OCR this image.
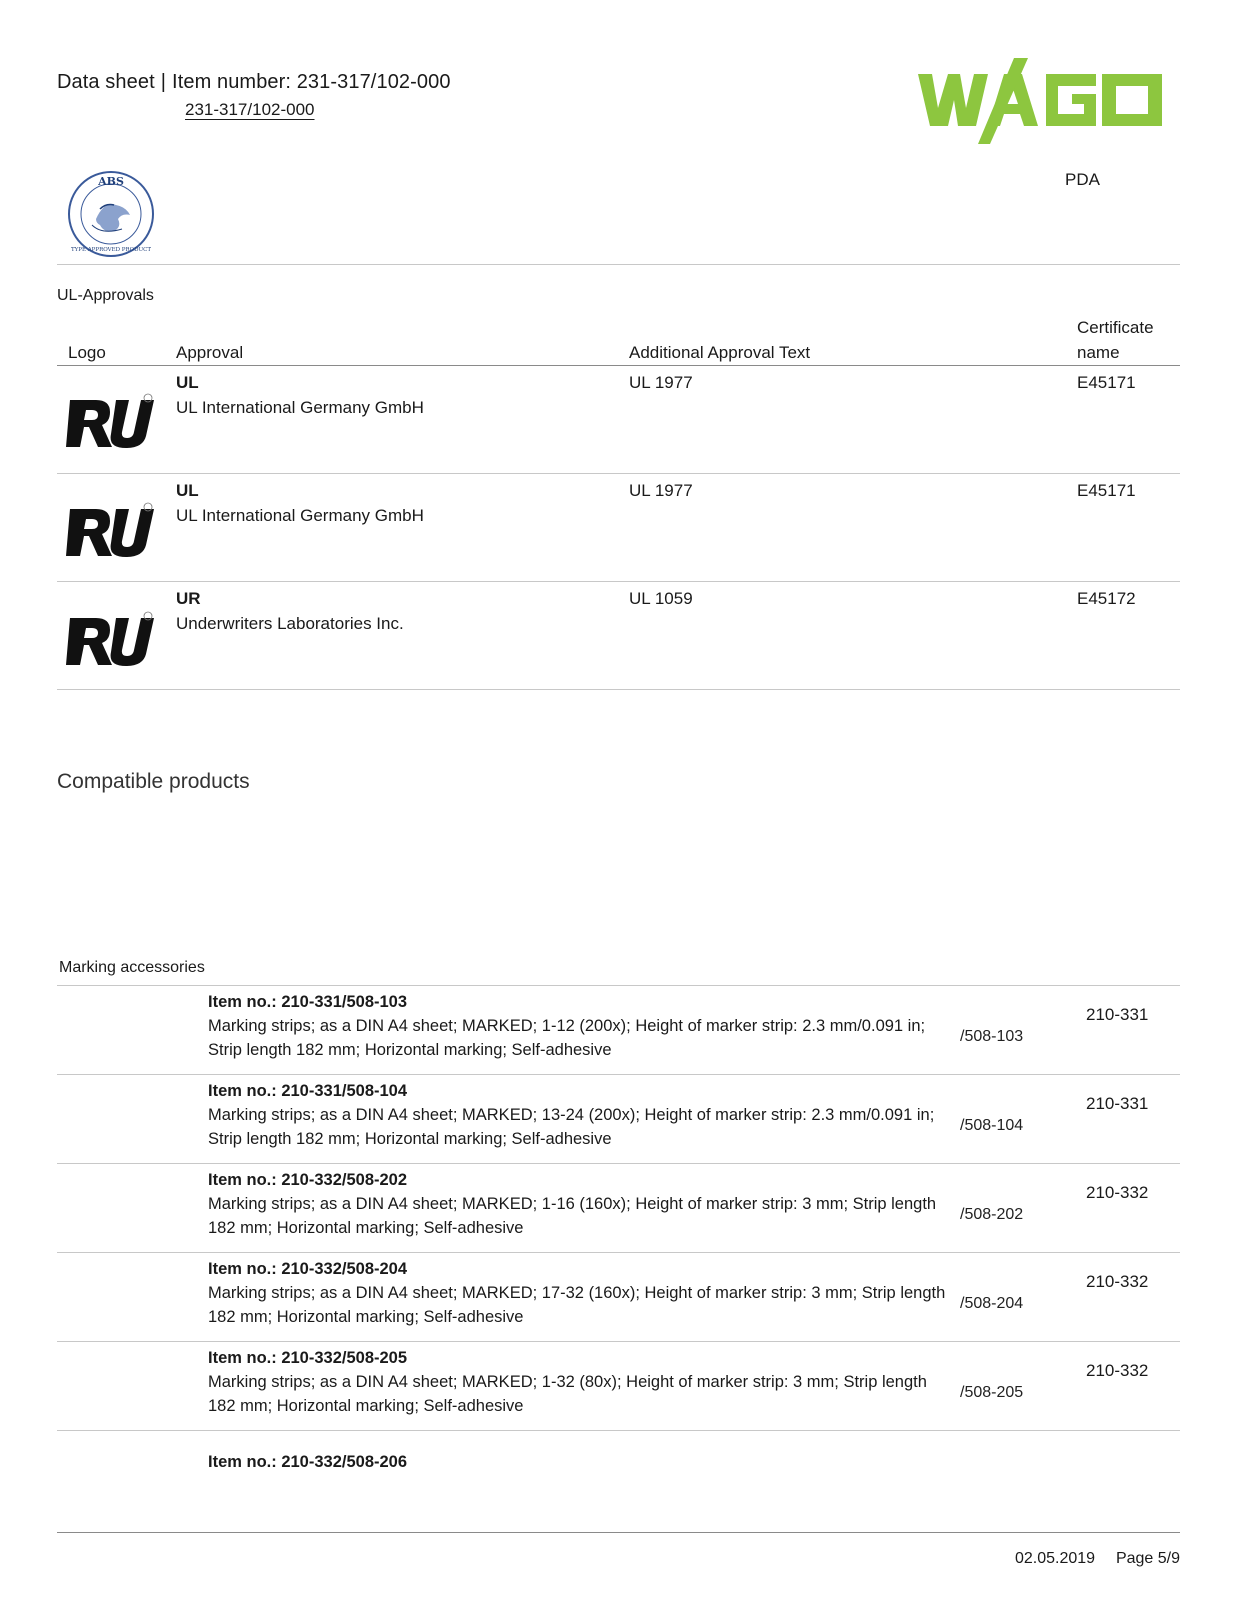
Data sheet | Item number: 231-317/102-000
231-317/102-000
WAGO
PDA
ABS
TYPE APPROVED PRODUCT
UL-Approvals
Logo	Approval	Additional Approval Text
Certificate
name
UL
UL International Germany GmbH
UL 1977	E45171
UL
UL International Germany GmbH
UL 1977	E45171
UR
Underwriters Laboratories Inc.
UL 1059	E45172
Compatible products
Marking accessories
Item no.: 210-331/508-103
Marking strips; as a DIN A4 sheet; MARKED; 1-12 (200x); Height of marker strip: 2.3 mm/0.091 in;
Strip length 182 mm; Horizontal marking; Self-adhesive
/508-103
210-331
Item no.: 210-331/508-104
Marking strips; as a DIN A4 sheet; MARKED; 13-24 (200x); Height of marker strip: 2.3 mm/0.091 in;
Strip length 182 mm; Horizontal marking; Self-adhesive
/508-104
210-331
Item no.: 210-332/508-202
Marking strips; as a DIN A4 sheet; MARKED; 1-16 (160x); Height of marker strip: 3 mm; Strip length
182 mm; Horizontal marking; Self-adhesive
/508-202
210-332
Item no.: 210-332/508-204
Marking strips; as a DIN A4 sheet; MARKED; 17-32 (160x); Height of marker strip: 3 mm; Strip length
182 mm; Horizontal marking; Self-adhesive
/508-204
210-332
Item no.: 210-332/508-205
Marking strips; as a DIN A4 sheet; MARKED; 1-32 (80x); Height of marker strip: 3 mm; Strip length
182 mm; Horizontal marking; Self-adhesive
/508-205
210-332
Item no.: 210-332/508-206
02.05.2019 Page 5/9
